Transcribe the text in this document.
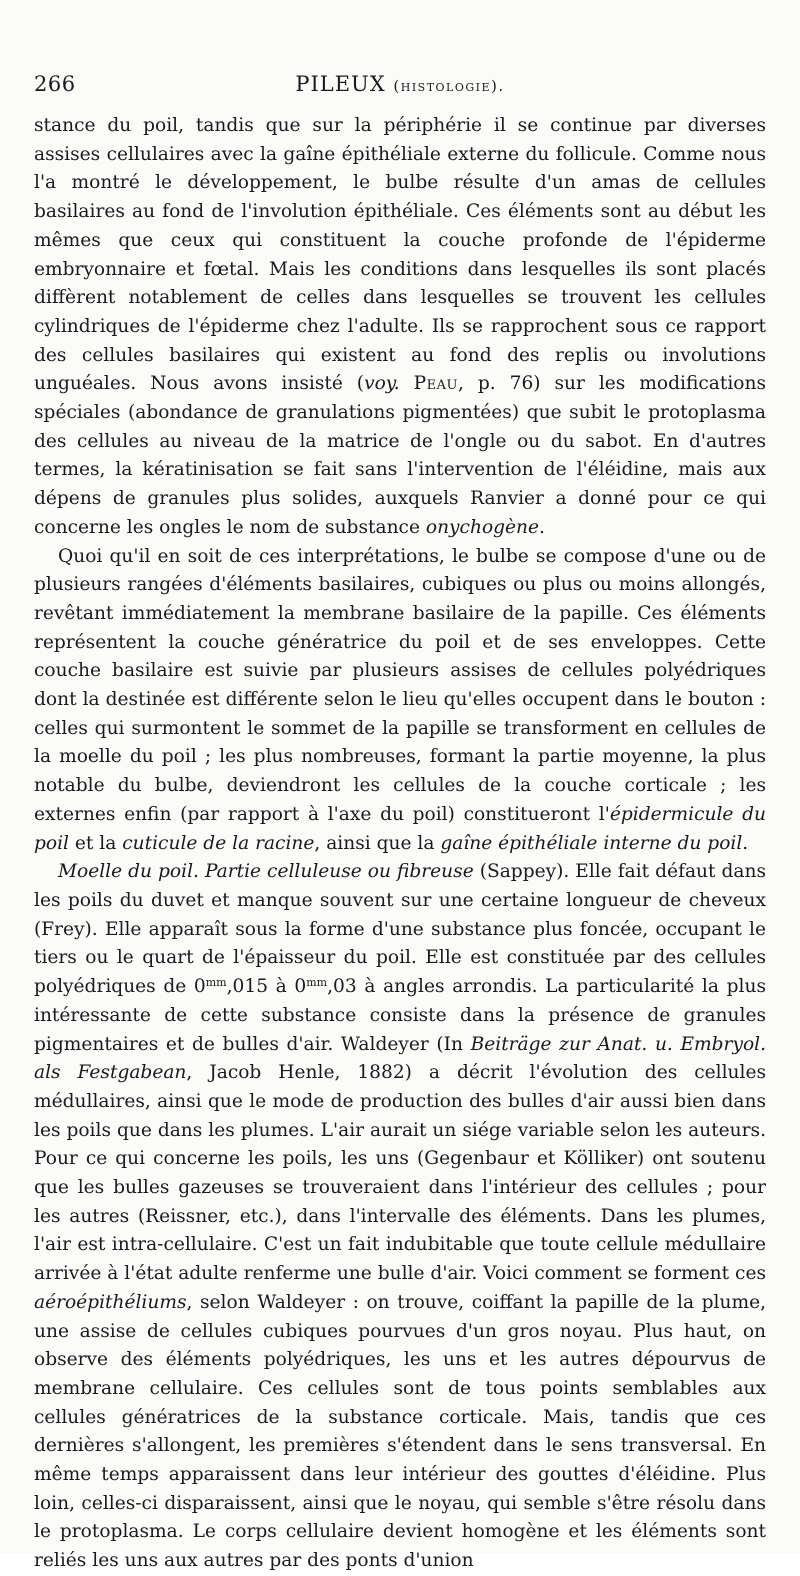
266	PILEUX (histologie).

stance du poil, tandis que sur la périphérie il se continue par diverses assises cellulaires avec la gaîne épithéliale externe du follicule. Comme nous l'a montré le développement, le bulbe résulte d'un amas de cellules basilaires au fond de l'involution épithéliale. Ces éléments sont au début les mêmes que ceux qui constituent la couche profonde de l'épiderme embryonnaire et fœtal. Mais les conditions dans lesquelles ils sont placés diffèrent notablement de celles dans lesquelles se trouvent les cellules cylindriques de l'épiderme chez l'adulte. Ils se rapprochent sous ce rapport des cellules basilaires qui existent au fond des replis ou involutions unguéales. Nous avons insisté (voy. Peau, p. 76) sur les modifications spéciales (abondance de granulations pigmentées) que subit le protoplasma des cellules au niveau de la matrice de l'ongle ou du sabot. En d'autres termes, la kératinisation se fait sans l'intervention de l'éléidine, mais aux dépens de granules plus solides, auxquels Ranvier a donné pour ce qui concerne les ongles le nom de substance onychogène.

Quoi qu'il en soit de ces interprétations, le bulbe se compose d'une ou de plusieurs rangées d'éléments basilaires, cubiques ou plus ou moins allongés, revêtant immédiatement la membrane basilaire de la papille. Ces éléments représentent la couche génératrice du poil et de ses enveloppes. Cette couche basilaire est suivie par plusieurs assises de cellules polyédriques dont la destinée est différente selon le lieu qu'elles occupent dans le bouton : celles qui surmontent le sommet de la papille se transforment en cellules de la moelle du poil ; les plus nombreuses, formant la partie moyenne, la plus notable du bulbe, deviendront les cellules de la couche corticale ; les externes enfin (par rapport à l'axe du poil) constitueront l'épidermicule du poil et la cuticule de la racine, ainsi que la gaîne épithéliale interne du poil.

Moelle du poil. Partie celluleuse ou fibreuse (Sappey). Elle fait défaut dans les poils du duvet et manque souvent sur une certaine longueur de cheveux (Frey). Elle apparaît sous la forme d'une substance plus foncée, occupant le tiers ou le quart de l'épaisseur du poil. Elle est constituée par des cellules polyédriques de $0^{mm},015$ à $0^{mm},03$ à angles arrondis. La particularité la plus intéressante de cette substance consiste dans la présence de granules pigmentaires et de bulles d'air. Waldeyer (In Beiträge zur Anat. u. Embryol. als Festgabean, Jacob Henle, 1882) a décrit l'évolution des cellules médullaires, ainsi que le mode de production des bulles d'air aussi bien dans les poils que dans les plumes. L'air aurait un siége variable selon les auteurs. Pour ce qui concerne les poils, les uns (Gegenbaur et Kölliker) ont soutenu que les bulles gazeuses se trouveraient dans l'intérieur des cellules ; pour les autres (Reissner, etc.), dans l'intervalle des éléments. Dans les plumes, l'air est intra-cellulaire. C'est un fait indubitable que toute cellule médullaire arrivée à l'état adulte renferme une bulle d'air. Voici comment se forment ces aéroépithéliums, selon Waldeyer : on trouve, coiffant la papille de la plume, une assise de cellules cubiques pourvues d'un gros noyau. Plus haut, on observe des éléments polyédriques, les uns et les autres dépourvus de membrane cellulaire. Ces cellules sont de tous points semblables aux cellules génératrices de la substance corticale. Mais, tandis que ces dernières s'allongent, les premières s'étendent dans le sens transversal. En même temps apparaissent dans leur intérieur des gouttes d'éléidine. Plus loin, celles-ci disparaissent, ainsi que le noyau, qui semble s'être résolu dans le protoplasma. Le corps cellulaire devient homogène et les éléments sont reliés les uns aux autres par des ponts d'union
